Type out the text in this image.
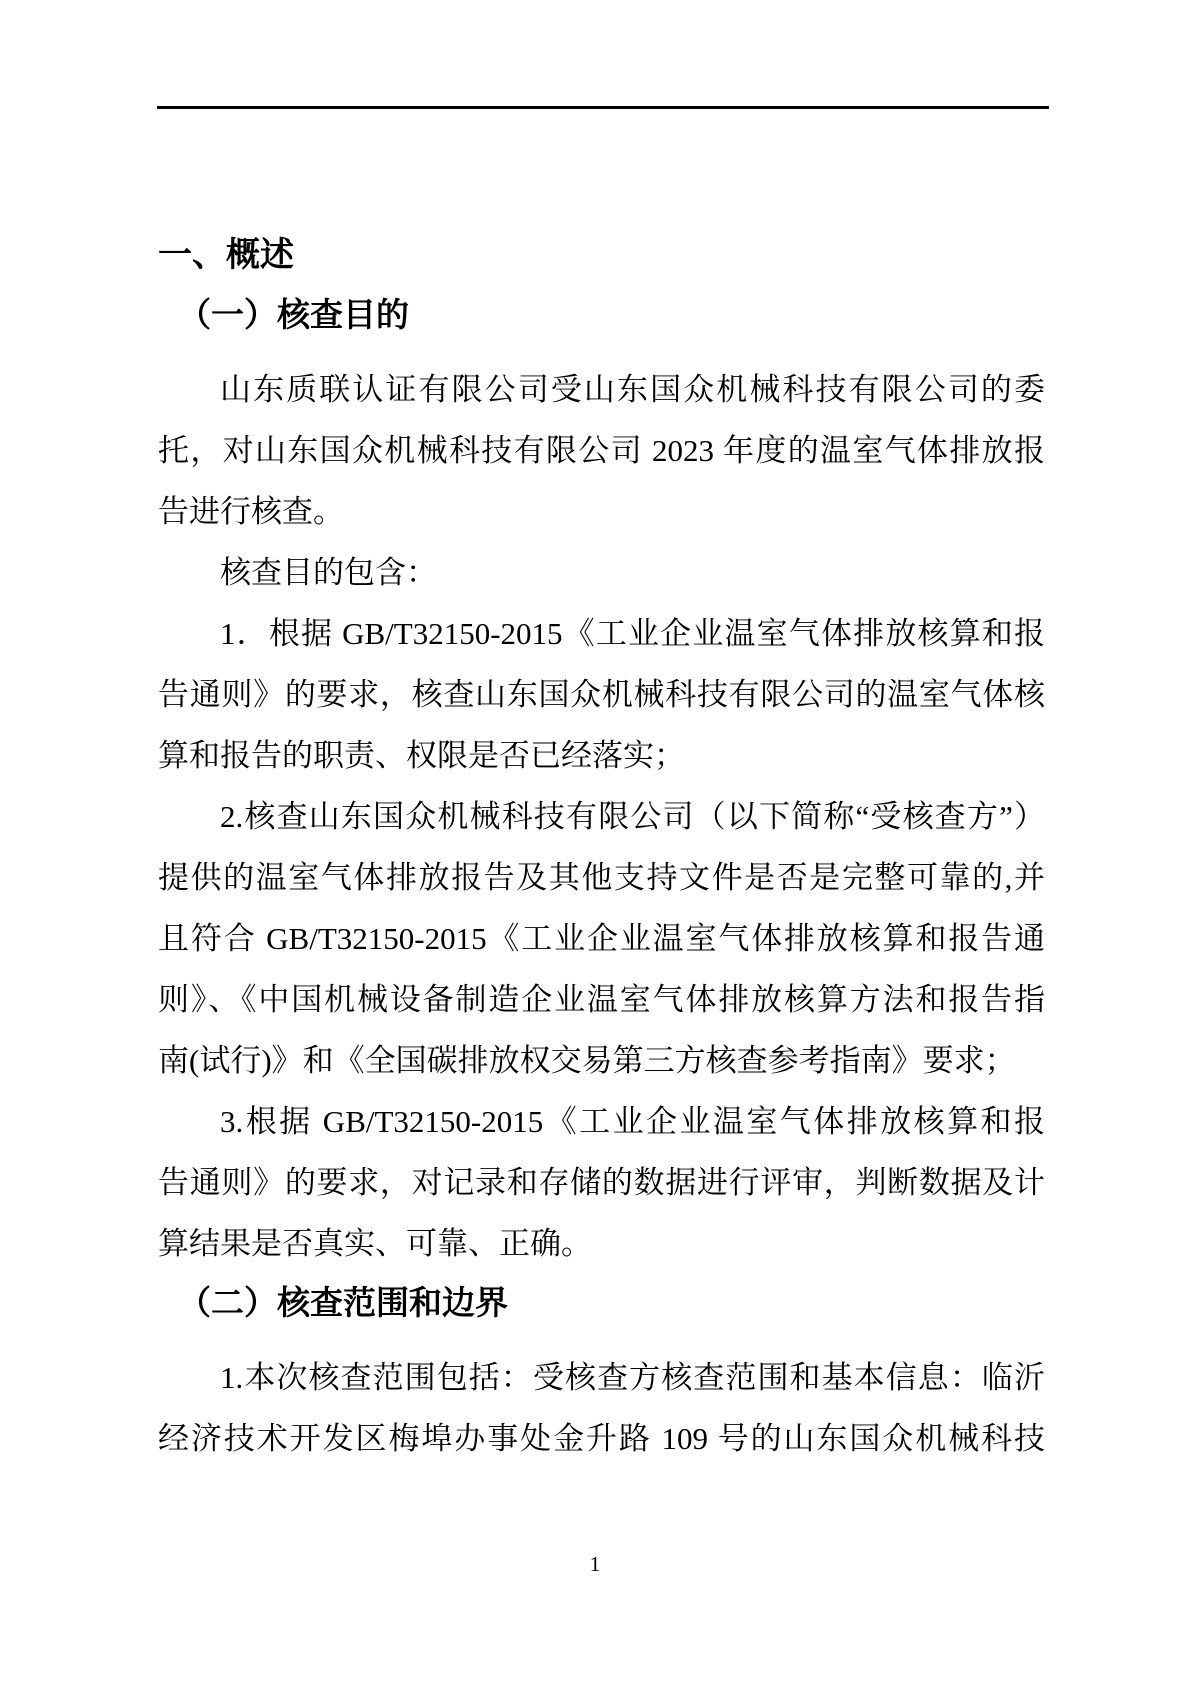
一、概述
（一）核查目的
山东质联认证有限公司受山东国众机械科技有限公司的委
托，对山东国众机械科技有限公司 2023 年度的温室气体排放报
告进行核查。
核查目的包含：
1．根据 GB/T32150-2015《工业企业温室气体排放核算和报
告通则》的要求，核查山东国众机械科技有限公司的温室气体核
算和报告的职责、权限是否已经落实；
2.核查山东国众机械科技有限公司（以下简称“受核查方”）
提供的温室气体排放报告及其他支持文件是否是完整可靠的,并
且符合 GB/T32150-2015《工业企业温室气体排放核算和报告通
则》、《中国机械设备制造企业温室气体排放核算方法和报告指
南(试行)》和《全国碳排放权交易第三方核查参考指南》要求；
3.根据 GB/T32150-2015《工业企业温室气体排放核算和报
告通则》的要求，对记录和存储的数据进行评审，判断数据及计
算结果是否真实、可靠、正确。
（二）核查范围和边界
1.本次核查范围包括：受核查方核查范围和基本信息：临沂
经济技术开发区梅埠办事处金升路 109 号的山东国众机械科技
1
